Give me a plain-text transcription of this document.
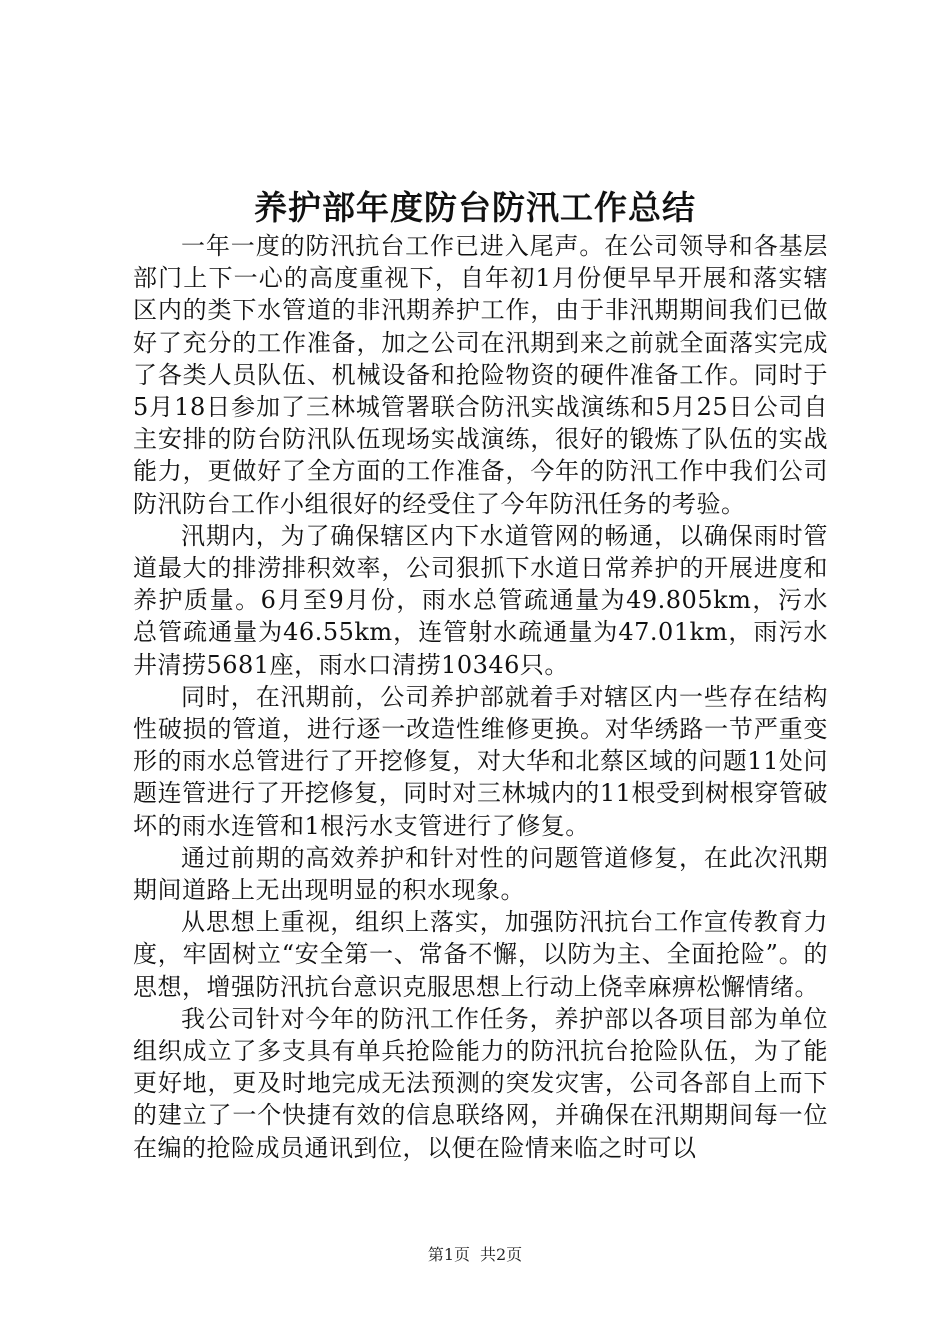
养护部年度防台防汛工作总结

一年一度的防汛抗台工作已进入尾声。在公司领导和各基层部门上下一心的高度重视下，自年初1月份便早早开展和落实辖区内的类下水管道的非汛期养护工作，由于非汛期期间我们已做好了充分的工作准备，加之公司在汛期到来之前就全面落实完成了各类人员队伍、机械设备和抢险物资的硬件准备工作。同时于5月18日参加了三林城管署联合防汛实战演练和5月25日公司自主安排的防台防汛队伍现场实战演练，很好的锻炼了队伍的实战能力，更做好了全方面的工作准备，今年的防汛工作中我们公司防汛防台工作小组很好的经受住了今年防汛任务的考验。

汛期内，为了确保辖区内下水道管网的畅通，以确保雨时管道最大的排涝排积效率，公司狠抓下水道日常养护的开展进度和养护质量。6月至9月份，雨水总管疏通量为49.805km，污水总管疏通量为46.55km，连管射水疏通量为47.01km，雨污水井清捞5681座，雨水口清捞10346只。

同时，在汛期前，公司养护部就着手对辖区内一些存在结构性破损的管道，进行逐一改造性维修更换。对华绣路一节严重变形的雨水总管进行了开挖修复，对大华和北蔡区域的问题11处问题连管进行了开挖修复，同时对三林城内的11根受到树根穿管破坏的雨水连管和1根污水支管进行了修复。

通过前期的高效养护和针对性的问题管道修复，在此次汛期期间道路上无出现明显的积水现象。

从思想上重视，组织上落实，加强防汛抗台工作宣传教育力度，牢固树立“安全第一、常备不懈，以防为主、全面抢险”。的思想，增强防汛抗台意识克服思想上行动上侥幸麻痹松懈情绪。

我公司针对今年的防汛工作任务，养护部以各项目部为单位组织成立了多支具有单兵抢险能力的防汛抗台抢险队伍，为了能更好地，更及时地完成无法预测的突发灾害，公司各部自上而下的建立了一个快捷有效的信息联络网，并确保在汛期期间每一位在编的抢险成员通讯到位，以便在险情来临之时可以

第1页 共2页
